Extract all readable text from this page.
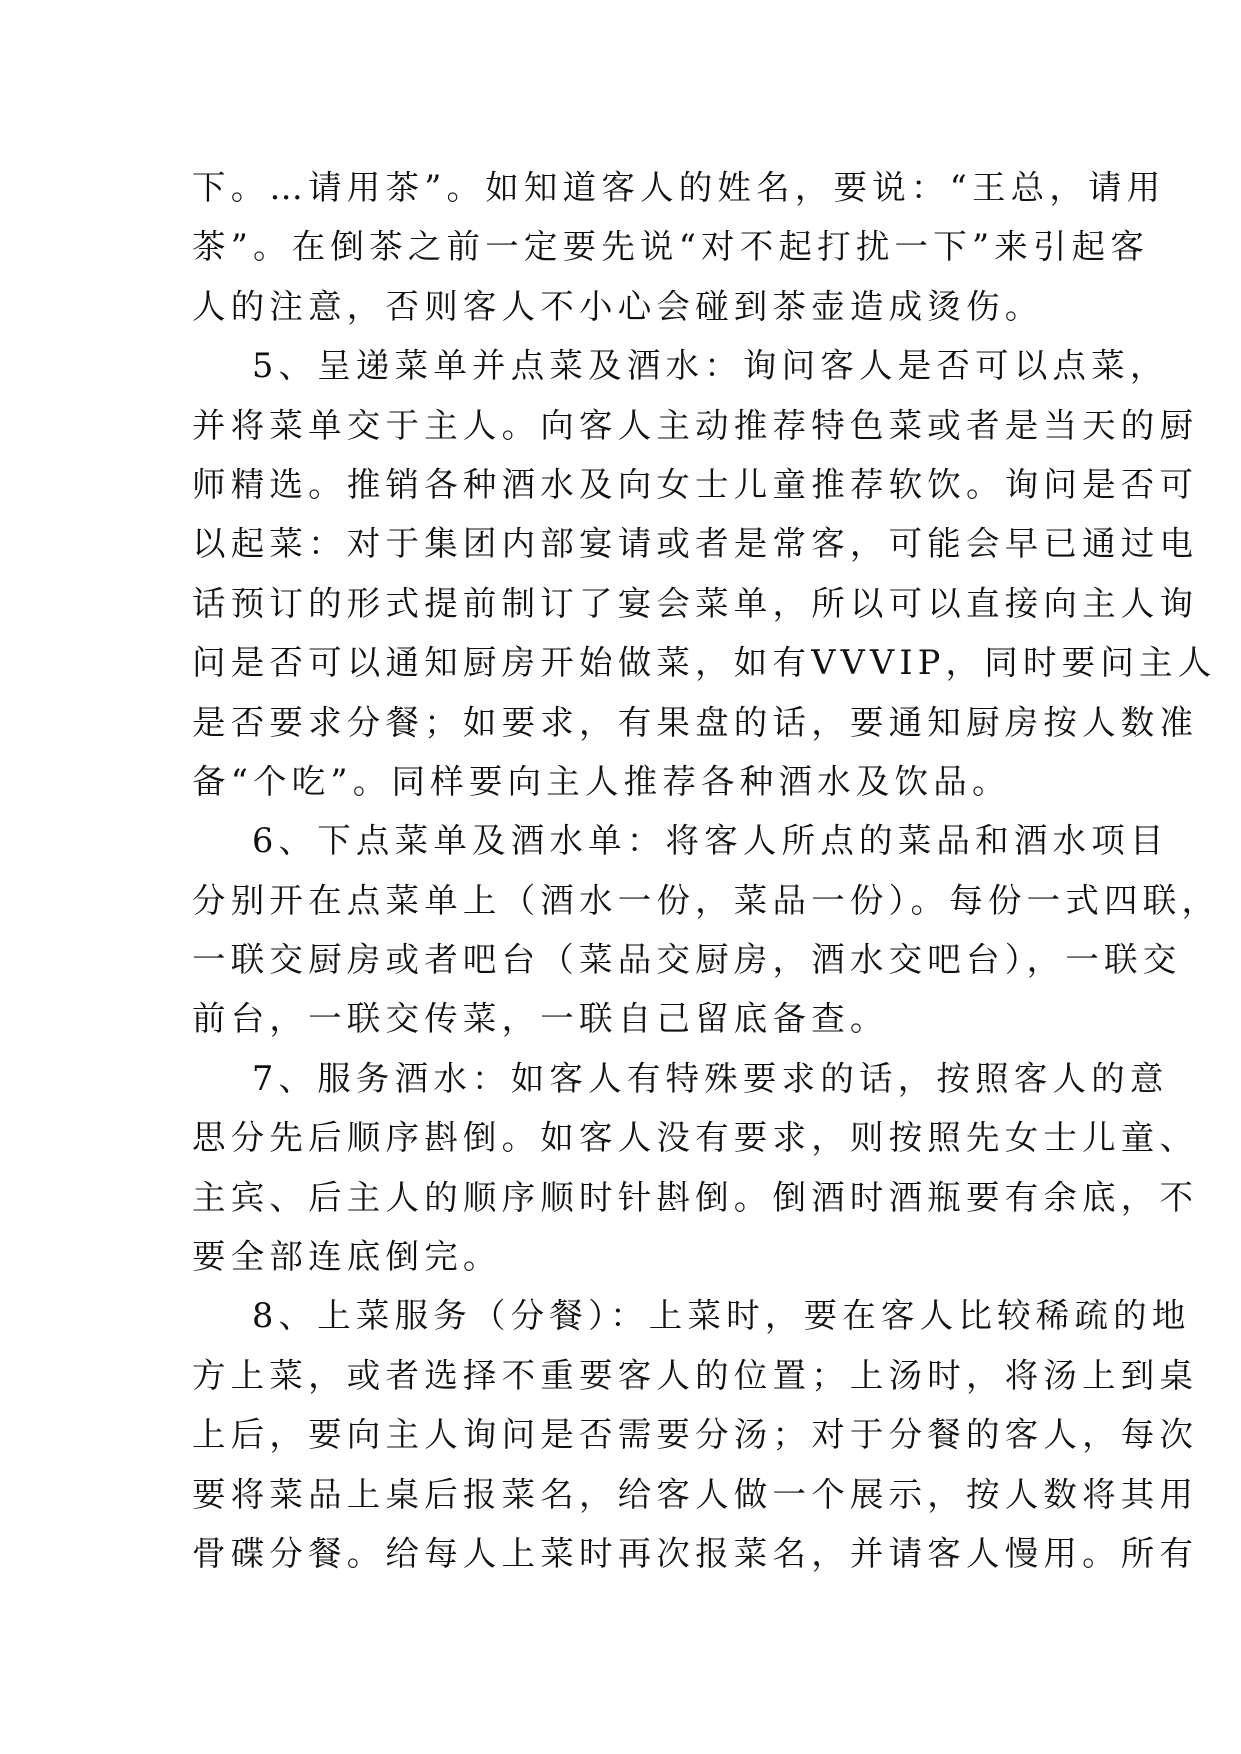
下。…请用茶”。如知道客人的姓名，要说：“王总，请用
茶”。在倒茶之前一定要先说“对不起打扰一下”来引起客
人的注意，否则客人不小心会碰到茶壶造成烫伤。
5、呈递菜单并点菜及酒水：询问客人是否可以点菜，
并将菜单交于主人。向客人主动推荐特色菜或者是当天的厨
师精选。推销各种酒水及向女士儿童推荐软饮。询问是否可
以起菜：对于集团内部宴请或者是常客，可能会早已通过电
话预订的形式提前制订了宴会菜单，所以可以直接向主人询
问是否可以通知厨房开始做菜，如有VVVIP，同时要问主人
是否要求分餐；如要求，有果盘的话，要通知厨房按人数准
备“个吃”。同样要向主人推荐各种酒水及饮品。
6、下点菜单及酒水单：将客人所点的菜品和酒水项目
分别开在点菜单上（酒水一份，菜品一份）。每份一式四联，
一联交厨房或者吧台（菜品交厨房，酒水交吧台），一联交
前台，一联交传菜，一联自己留底备查。
7、服务酒水：如客人有特殊要求的话，按照客人的意
思分先后顺序斟倒。如客人没有要求，则按照先女士儿童、
主宾、后主人的顺序顺时针斟倒。倒酒时酒瓶要有余底，不
要全部连底倒完。
8、上菜服务（分餐）：上菜时，要在客人比较稀疏的地
方上菜，或者选择不重要客人的位置；上汤时，将汤上到桌
上后，要向主人询问是否需要分汤；对于分餐的客人，每次
要将菜品上桌后报菜名，给客人做一个展示，按人数将其用
骨碟分餐。给每人上菜时再次报菜名，并请客人慢用。所有
